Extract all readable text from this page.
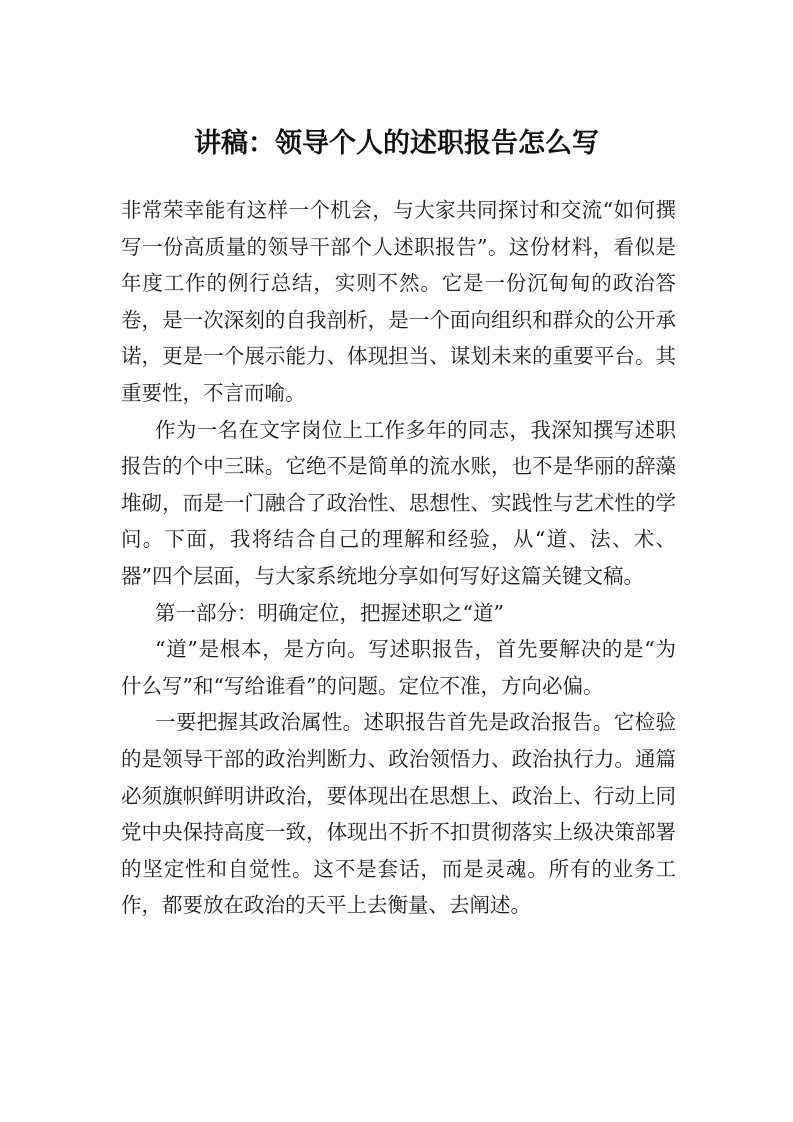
讲稿：领导个人的述职报告怎么写

非常荣幸能有这样一个机会，与大家共同探讨和交流“如何撰写一份高质量的领导干部个人述职报告”。这份材料，看似是年度工作的例行总结，实则不然。它是一份沉甸甸的政治答卷，是一次深刻的自我剖析，是一个面向组织和群众的公开承诺，更是一个展示能力、体现担当、谋划未来的重要平台。其重要性，不言而喻。

作为一名在文字岗位上工作多年的同志，我深知撰写述职报告的个中三昧。它绝不是简单的流水账，也不是华丽的辞藻堆砌，而是一门融合了政治性、思想性、实践性与艺术性的学问。下面，我将结合自己的理解和经验，从“道、法、术、器”四个层面，与大家系统地分享如何写好这篇关键文稿。

第一部分：明确定位，把握述职之“道”

“道”是根本，是方向。写述职报告，首先要解决的是“为什么写”和“写给谁看”的问题。定位不准，方向必偏。

一要把握其政治属性。述职报告首先是政治报告。它检验的是领导干部的政治判断力、政治领悟力、政治执行力。通篇必须旗帜鲜明讲政治，要体现出在思想上、政治上、行动上同党中央保持高度一致，体现出不折不扣贯彻落实上级决策部署的坚定性和自觉性。这不是套话，而是灵魂。所有的业务工作，都要放在政治的天平上去衡量、去阐述。
